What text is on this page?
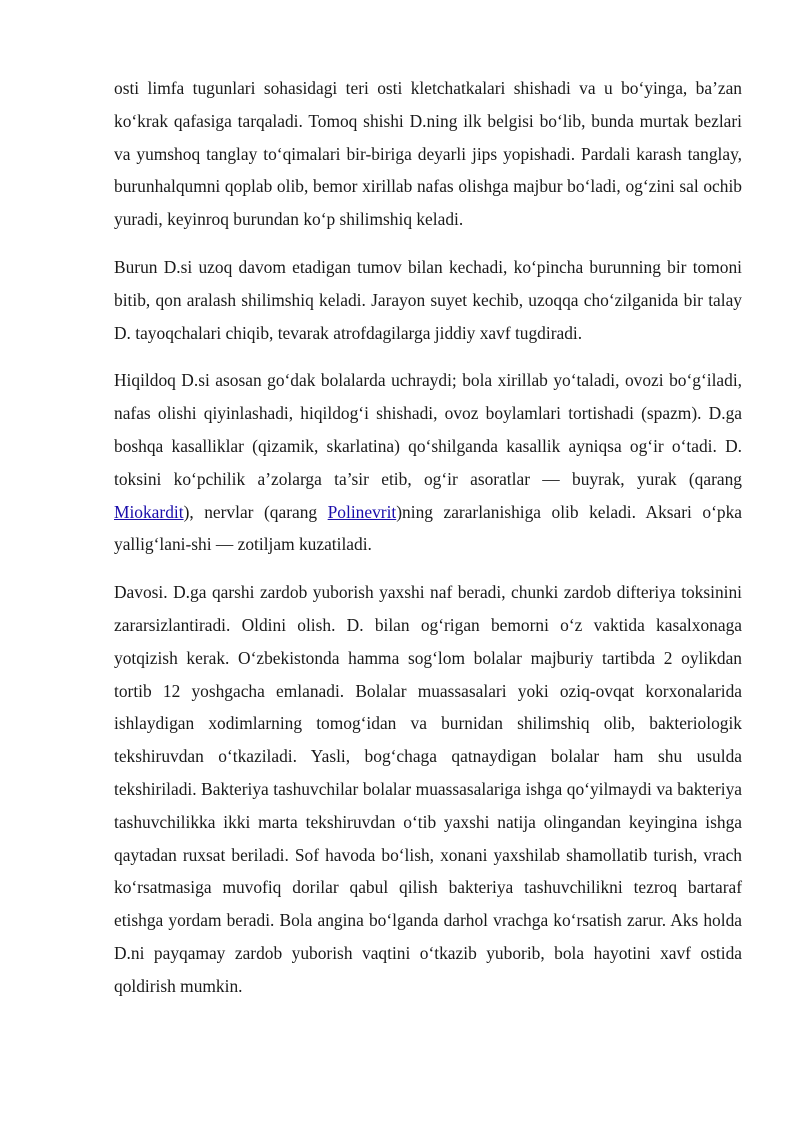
osti limfa tugunlari sohasidagi teri osti kletchatkalari shishadi va u bo‘yinga, ba’zan ko‘krak qafasiga tarqaladi. Tomoq shishi D.ning ilk belgisi bo‘lib, bunda murtak bezlari va yumshoq tanglay to‘qimalari bir-biriga deyarli jips yopishadi. Pardali karash tanglay, burunhalqumni qoplab olib, bemor xirillab nafas olishga majbur bo‘ladi, og‘zini sal ochib yuradi, keyinroq burundan ko‘p shilimshiq keladi.

Burun D.si uzoq davom etadigan tumov bilan kechadi, ko‘pincha burunning bir tomoni bitib, qon aralash shilimshiq keladi. Jarayon suyet kechib, uzoqqa cho‘zilganida bir talay D. tayoqchalari chiqib, tevarak atrofdagilarga jiddiy xavf tugdiradi.

Hiqildoq D.si asosan go‘dak bolalarda uchraydi; bola xirillab yo‘taladi, ovozi bo‘g‘iladi, nafas olishi qiyinlashadi, hiqildog‘i shishadi, ovoz boylamlari tortishadi (spazm). D.ga boshqa kasalliklar (qizamik, skarlatina) qo‘shilganda kasallik ayniqsa og‘ir o‘tadi. D. toksini ko‘pchilik a’zolarga ta’sir etib, og‘ir asoratlar — buyrak, yurak (qarang Miokardit), nervlar (qarang Polinevrit)ning zararlanishiga olib keladi. Aksari o‘pka yallig‘lani-shi — zotiljam kuzatiladi.

Davosi. D.ga qarshi zardob yuborish yaxshi naf beradi, chunki zardob difteriya toksinini zararsizlantiradi. Oldini olish. D. bilan og‘rigan bemorni o‘z vaktida kasalxonaga yotqizish kerak. O‘zbekistonda hamma sog‘lom bolalar majburiy tartibda 2 oylikdan tortib 12 yoshgacha emlanadi. Bolalar muassasalari yoki oziq-ovqat korxonalarida ishlaydigan xodimlarning tomog‘idan va burnidan shilimshiq olib, bakteriologik tekshiruvdan o‘tkaziladi. Yasli, bog‘chaga qatnaydigan bolalar ham shu usulda tekshiriladi. Bakteriya tashuvchilar bolalar muassasalariga ishga qo‘yilmaydi va bakteriya tashuvchilikka ikki marta tekshiruvdan o‘tib yaxshi natija olingandan keyingina ishga qaytadan ruxsat beriladi. Sof havoda bo‘lish, xonani yaxshilab shamollatib turish, vrach ko‘rsatmasiga muvofiq dorilar qabul qilish bakteriya tashuvchilikni tezroq bartaraf etishga yordam beradi. Bola angina bo‘lganda darhol vrachga ko‘rsatish zarur. Aks holda D.ni payqamay zardob yuborish vaqtini o‘tkazib yuborib, bola hayotini xavf ostida qoldirish mumkin.
